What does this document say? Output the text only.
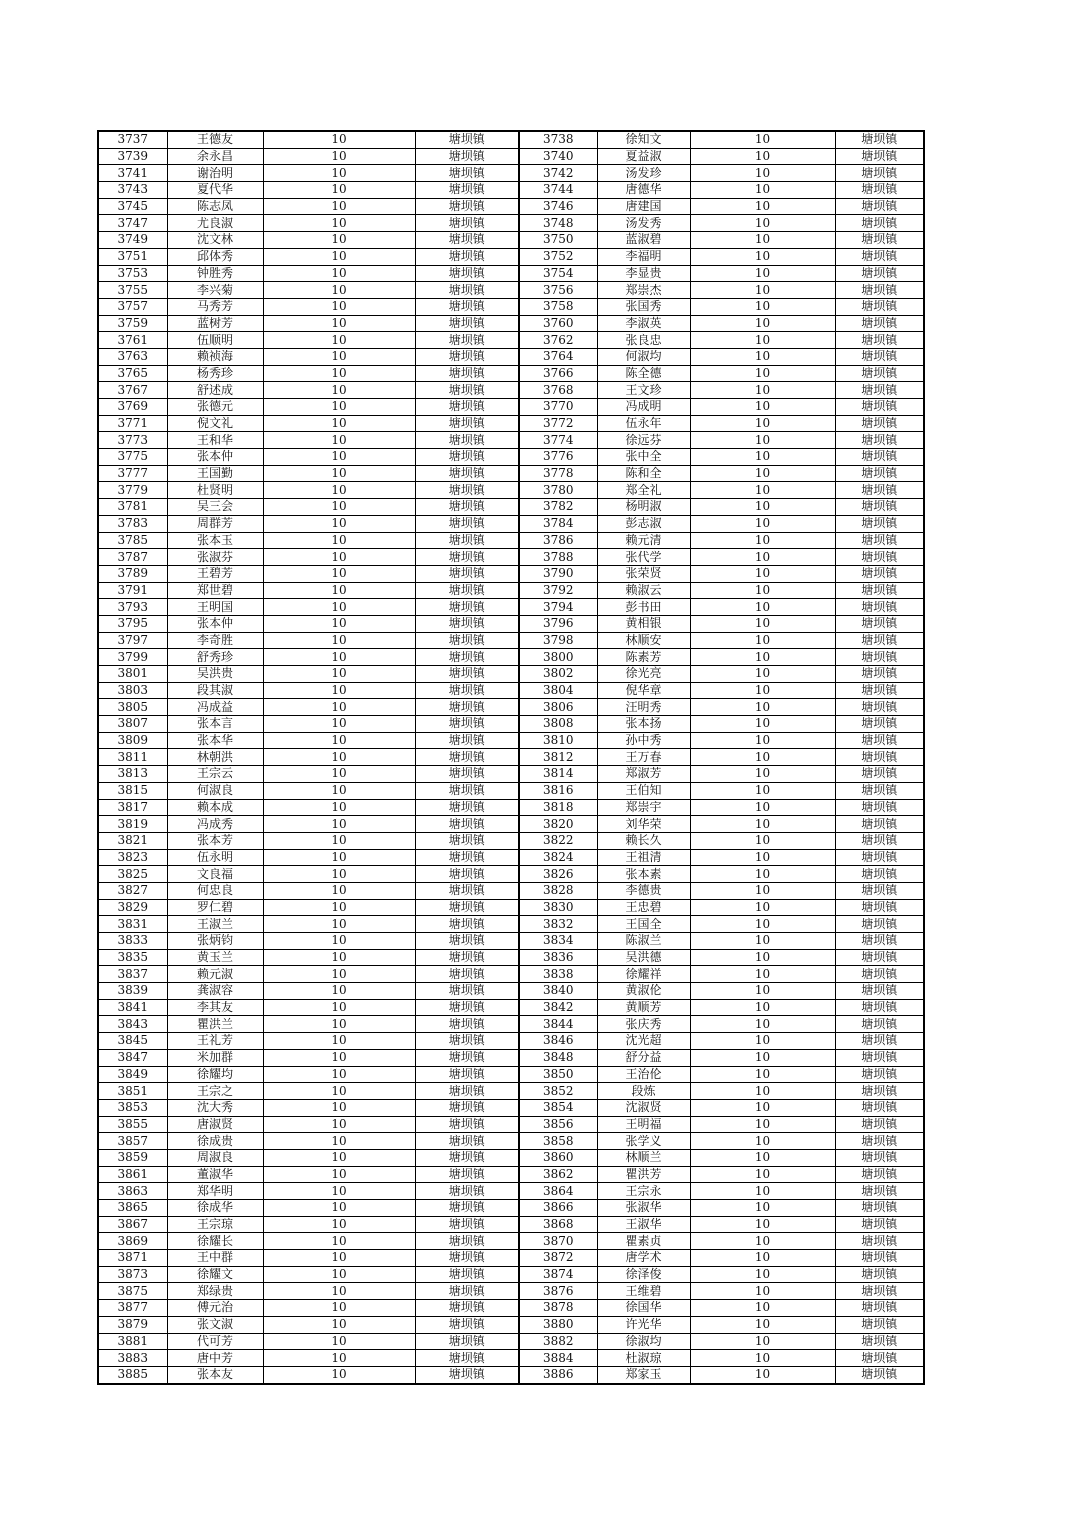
3737	王德友	10	塘坝镇	3738	徐知文	10	塘坝镇
3739	余永昌	10	塘坝镇	3740	夏益淑	10	塘坝镇
3741	谢治明	10	塘坝镇	3742	汤发珍	10	塘坝镇
3743	夏代华	10	塘坝镇	3744	唐德华	10	塘坝镇
3745	陈志凤	10	塘坝镇	3746	唐建国	10	塘坝镇
3747	尤良淑	10	塘坝镇	3748	汤发秀	10	塘坝镇
3749	沈文林	10	塘坝镇	3750	蓝淑碧	10	塘坝镇
3751	邱体秀	10	塘坝镇	3752	李福明	10	塘坝镇
3753	钟胜秀	10	塘坝镇	3754	李显贵	10	塘坝镇
3755	李兴菊	10	塘坝镇	3756	郑崇杰	10	塘坝镇
3757	马秀芳	10	塘坝镇	3758	张国秀	10	塘坝镇
3759	蓝树芳	10	塘坝镇	3760	李淑英	10	塘坝镇
3761	伍顺明	10	塘坝镇	3762	张良忠	10	塘坝镇
3763	赖祯海	10	塘坝镇	3764	何淑均	10	塘坝镇
3765	杨秀珍	10	塘坝镇	3766	陈全德	10	塘坝镇
3767	舒述成	10	塘坝镇	3768	王文珍	10	塘坝镇
3769	张德元	10	塘坝镇	3770	冯成明	10	塘坝镇
3771	倪文礼	10	塘坝镇	3772	伍永年	10	塘坝镇
3773	王和华	10	塘坝镇	3774	徐远芬	10	塘坝镇
3775	张本仲	10	塘坝镇	3776	张中全	10	塘坝镇
3777	王国勤	10	塘坝镇	3778	陈和全	10	塘坝镇
3779	杜贤明	10	塘坝镇	3780	郑全礼	10	塘坝镇
3781	吴三会	10	塘坝镇	3782	杨明淑	10	塘坝镇
3783	周群芳	10	塘坝镇	3784	彭志淑	10	塘坝镇
3785	张本玉	10	塘坝镇	3786	赖元清	10	塘坝镇
3787	张淑芬	10	塘坝镇	3788	张代学	10	塘坝镇
3789	王碧芳	10	塘坝镇	3790	张荣贤	10	塘坝镇
3791	郑世碧	10	塘坝镇	3792	赖淑云	10	塘坝镇
3793	王明国	10	塘坝镇	3794	彭书田	10	塘坝镇
3795	张本仲	10	塘坝镇	3796	黄相银	10	塘坝镇
3797	李奇胜	10	塘坝镇	3798	林顺安	10	塘坝镇
3799	舒秀珍	10	塘坝镇	3800	陈素芳	10	塘坝镇
3801	吴洪贵	10	塘坝镇	3802	徐光亮	10	塘坝镇
3803	段其淑	10	塘坝镇	3804	倪华章	10	塘坝镇
3805	冯成益	10	塘坝镇	3806	汪明秀	10	塘坝镇
3807	张本言	10	塘坝镇	3808	张本扬	10	塘坝镇
3809	张本华	10	塘坝镇	3810	孙中秀	10	塘坝镇
3811	林朝洪	10	塘坝镇	3812	王万春	10	塘坝镇
3813	王宗云	10	塘坝镇	3814	郑淑芳	10	塘坝镇
3815	何淑良	10	塘坝镇	3816	王伯知	10	塘坝镇
3817	赖本成	10	塘坝镇	3818	郑崇宇	10	塘坝镇
3819	冯成秀	10	塘坝镇	3820	刘华荣	10	塘坝镇
3821	张本芳	10	塘坝镇	3822	赖长久	10	塘坝镇
3823	伍永明	10	塘坝镇	3824	王祖清	10	塘坝镇
3825	文良福	10	塘坝镇	3826	张本素	10	塘坝镇
3827	何忠良	10	塘坝镇	3828	李德贵	10	塘坝镇
3829	罗仁碧	10	塘坝镇	3830	王忠碧	10	塘坝镇
3831	王淑兰	10	塘坝镇	3832	王国全	10	塘坝镇
3833	张炳钧	10	塘坝镇	3834	陈淑兰	10	塘坝镇
3835	黄玉兰	10	塘坝镇	3836	吴洪德	10	塘坝镇
3837	赖元淑	10	塘坝镇	3838	徐耀祥	10	塘坝镇
3839	龚淑容	10	塘坝镇	3840	黄淑伦	10	塘坝镇
3841	李其友	10	塘坝镇	3842	黄顺芳	10	塘坝镇
3843	瞿洪兰	10	塘坝镇	3844	张庆秀	10	塘坝镇
3845	王礼芳	10	塘坝镇	3846	沈光超	10	塘坝镇
3847	米加群	10	塘坝镇	3848	舒分益	10	塘坝镇
3849	徐耀均	10	塘坝镇	3850	王治伦	10	塘坝镇
3851	王宗之	10	塘坝镇	3852	段炼	10	塘坝镇
3853	沈大秀	10	塘坝镇	3854	沈淑贤	10	塘坝镇
3855	唐淑贤	10	塘坝镇	3856	王明福	10	塘坝镇
3857	徐成贵	10	塘坝镇	3858	张学义	10	塘坝镇
3859	周淑良	10	塘坝镇	3860	林顺兰	10	塘坝镇
3861	董淑华	10	塘坝镇	3862	瞿洪芳	10	塘坝镇
3863	郑华明	10	塘坝镇	3864	王宗永	10	塘坝镇
3865	徐成华	10	塘坝镇	3866	张淑华	10	塘坝镇
3867	王宗琼	10	塘坝镇	3868	王淑华	10	塘坝镇
3869	徐耀长	10	塘坝镇	3870	瞿素贞	10	塘坝镇
3871	王中群	10	塘坝镇	3872	唐学术	10	塘坝镇
3873	徐耀文	10	塘坝镇	3874	徐泽俊	10	塘坝镇
3875	郑绿贵	10	塘坝镇	3876	王维碧	10	塘坝镇
3877	傅元治	10	塘坝镇	3878	徐国华	10	塘坝镇
3879	张文淑	10	塘坝镇	3880	许光华	10	塘坝镇
3881	代可芳	10	塘坝镇	3882	徐淑均	10	塘坝镇
3883	唐中芳	10	塘坝镇	3884	杜淑琼	10	塘坝镇
3885	张本友	10	塘坝镇	3886	郑家玉	10	塘坝镇
